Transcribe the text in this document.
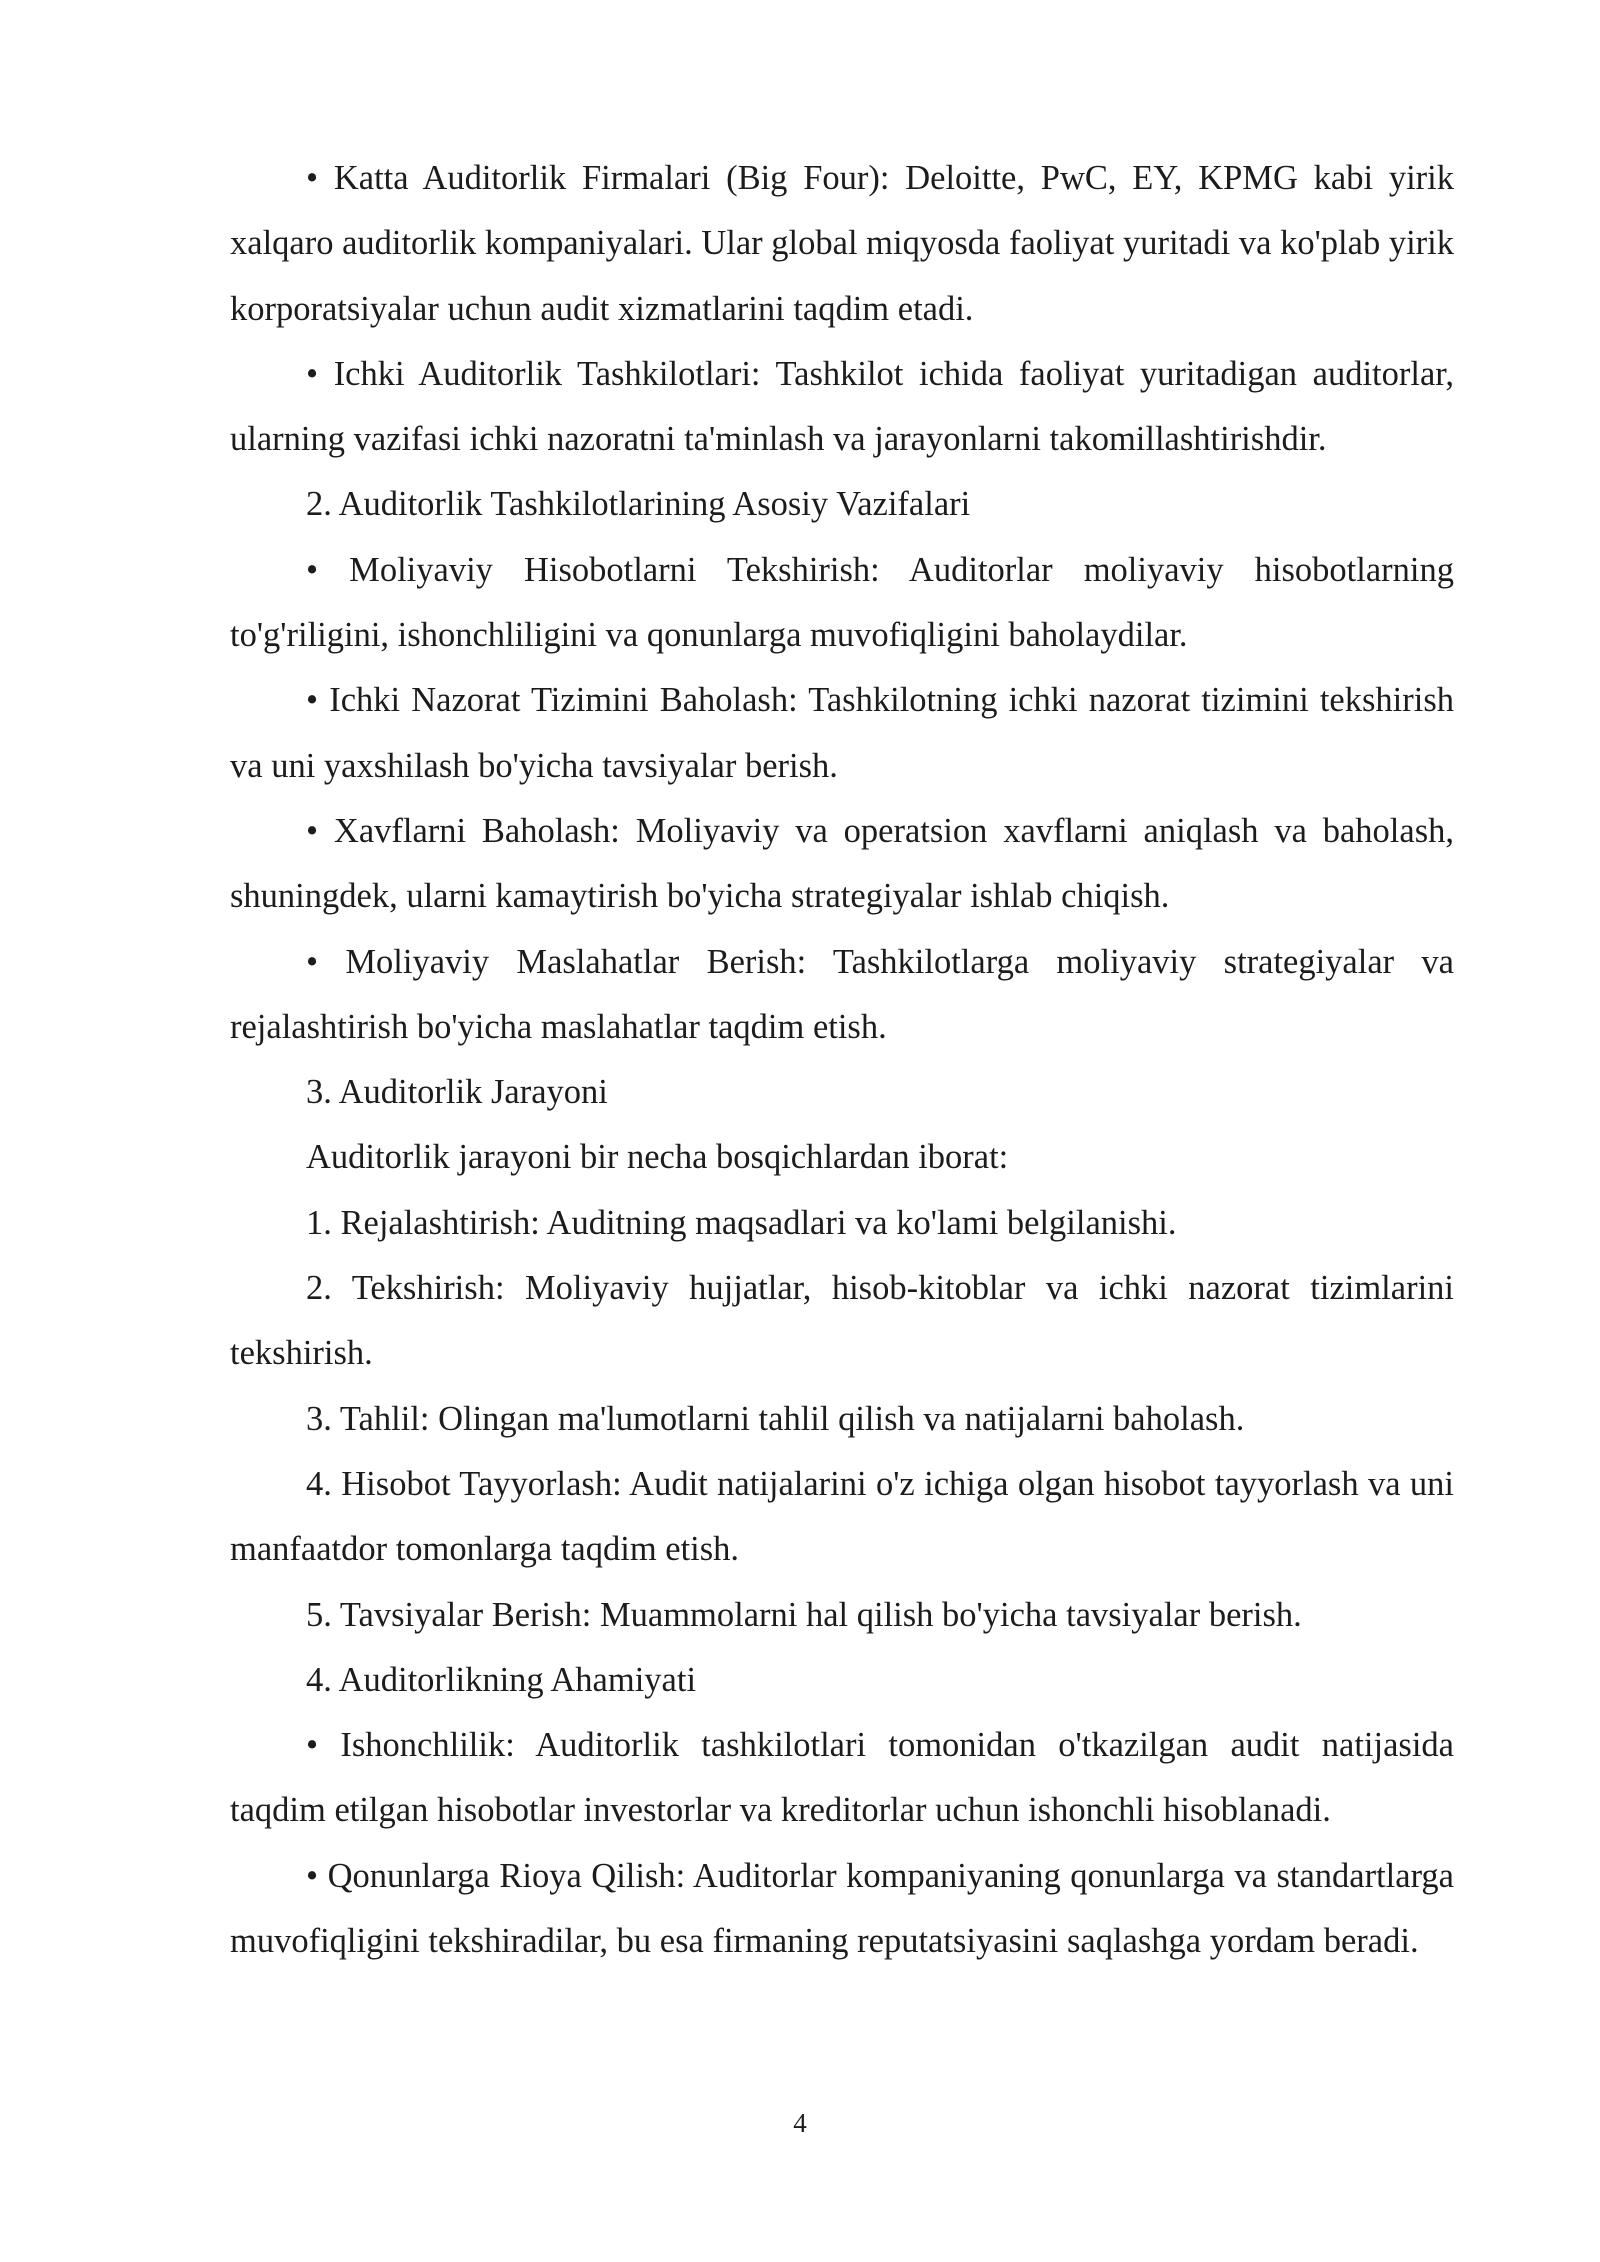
• Katta Auditorlik Firmalari (Big Four): Deloitte, PwC, EY, KPMG kabi yirik xalqaro auditorlik kompaniyalari. Ular global miqyosda faoliyat yuritadi va ko'plab yirik korporatsiyalar uchun audit xizmatlarini taqdim etadi.

• Ichki Auditorlik Tashkilotlari: Tashkilot ichida faoliyat yuritadigan auditorlar, ularning vazifasi ichki nazoratni ta'minlash va jarayonlarni takomillashtirishdir.

2. Auditorlik Tashkilotlarining Asosiy Vazifalari

• Moliyaviy Hisobotlarni Tekshirish: Auditorlar moliyaviy hisobotlarning to'g'riligini, ishonchliligini va qonunlarga muvofiqligini baholaydilar.

• Ichki Nazorat Tizimini Baholash: Tashkilotning ichki nazorat tizimini tekshirish va uni yaxshilash bo'yicha tavsiyalar berish.

• Xavflarni Baholash: Moliyaviy va operatsion xavflarni aniqlash va baholash, shuningdek, ularni kamaytirish bo'yicha strategiyalar ishlab chiqish.

• Moliyaviy Maslahatlar Berish: Tashkilotlarga moliyaviy strategiyalar va rejalashtirish bo'yicha maslahatlar taqdim etish.

3. Auditorlik Jarayoni

Auditorlik jarayoni bir necha bosqichlardan iborat:

1. Rejalashtirish: Auditning maqsadlari va ko'lami belgilanishi.

2. Tekshirish: Moliyaviy hujjatlar, hisob-kitoblar va ichki nazorat tizimlarini tekshirish.

3. Tahlil: Olingan ma'lumotlarni tahlil qilish va natijalarni baholash.

4. Hisobot Tayyorlash: Audit natijalarini o'z ichiga olgan hisobot tayyorlash va uni manfaatdor tomonlarga taqdim etish.

5. Tavsiyalar Berish: Muammolarni hal qilish bo'yicha tavsiyalar berish.

4. Auditorlikning Ahamiyati

• Ishonchlilik: Auditorlik tashkilotlari tomonidan o'tkazilgan audit natijasida taqdim etilgan hisobotlar investorlar va kreditorlar uchun ishonchli hisoblanadi.

• Qonunlarga Rioya Qilish: Auditorlar kompaniyaning qonunlarga va standartlarga muvofiqligini tekshiradilar, bu esa firmaning reputatsiyasini saqlashga yordam beradi.

4
